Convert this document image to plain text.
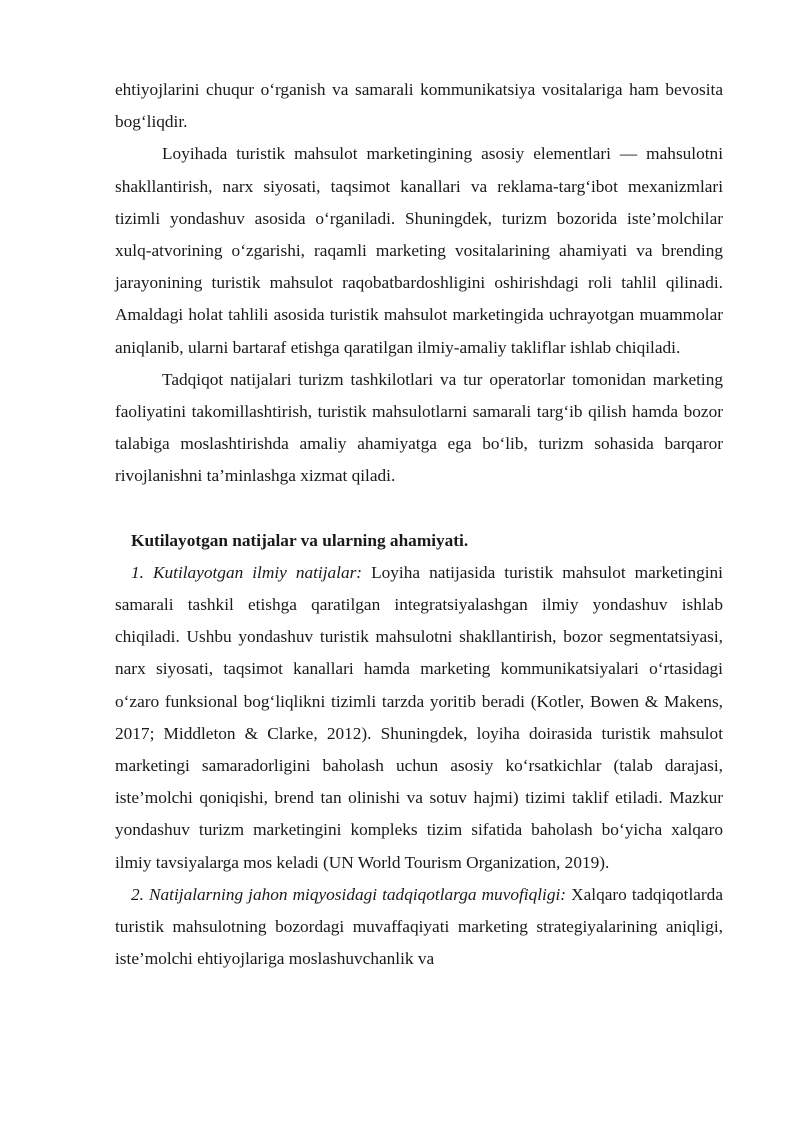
ehtiyojlarini chuqur o‘rganish va samarali kommunikatsiya vositalariga ham bevosita bog‘liqdir.

Loyihada turistik mahsulot marketingining asosiy elementlari — mahsulotni shakllantirish, narx siyosati, taqsimot kanallari va reklama-targ‘ibot mexanizmlari tizimli yondashuv asosida o‘rganiladi. Shuningdek, turizm bozorida iste’molchilar xulq-atvorining o‘zgarishi, raqamli marketing vositalarining ahamiyati va brending jarayonining turistik mahsulot raqobatbardoshligini oshirishdagi roli tahlil qilinadi. Amaldagi holat tahlili asosida turistik mahsulot marketingida uchrayotgan muammolar aniqlanib, ularni bartaraf etishga qaratilgan ilmiy-amaliy takliflar ishlab chiqiladi.

Tadqiqot natijalari turizm tashkilotlari va tur operatorlar tomonidan marketing faoliyatini takomillashtirish, turistik mahsulotlarni samarali targ‘ib qilish hamda bozor talabiga moslashtirishda amaliy ahamiyatga ega bo‘lib, turizm sohasida barqaror rivojlanishni ta’minlashga xizmat qiladi.

Kutilayotgan natijalar va ularning ahamiyati.

1. Kutilayotgan ilmiy natijalar: Loyiha natijasida turistik mahsulot marketingini samarali tashkil etishga qaratilgan integratsiyalashgan ilmiy yondashuv ishlab chiqiladi. Ushbu yondashuv turistik mahsulotni shakllantirish, bozor segmentatsiyasi, narx siyosati, taqsimot kanallari hamda marketing kommunikatsiyalari o‘rtasidagi o‘zaro funksional bog‘liqlikni tizimli tarzda yoritib beradi (Kotler, Bowen & Makens, 2017; Middleton & Clarke, 2012). Shuningdek, loyiha doirasida turistik mahsulot marketingi samaradorligini baholash uchun asosiy ko‘rsatkichlar (talab darajasi, iste’molchi qoniqishi, brend tan olinishi va sotuv hajmi) tizimi taklif etiladi. Mazkur yondashuv turizm marketingini kompleks tizim sifatida baholash bo‘yicha xalqaro ilmiy tavsiyalarga mos keladi (UN World Tourism Organization, 2019).

2. Natijalarning jahon miqyosidagi tadqiqotlarga muvofiqligi: Xalqaro tadqiqotlarda turistik mahsulotning bozordagi muvaffaqiyati marketing strategiyalarining aniqligi, iste’molchi ehtiyojlariga moslashuvchanlik va
